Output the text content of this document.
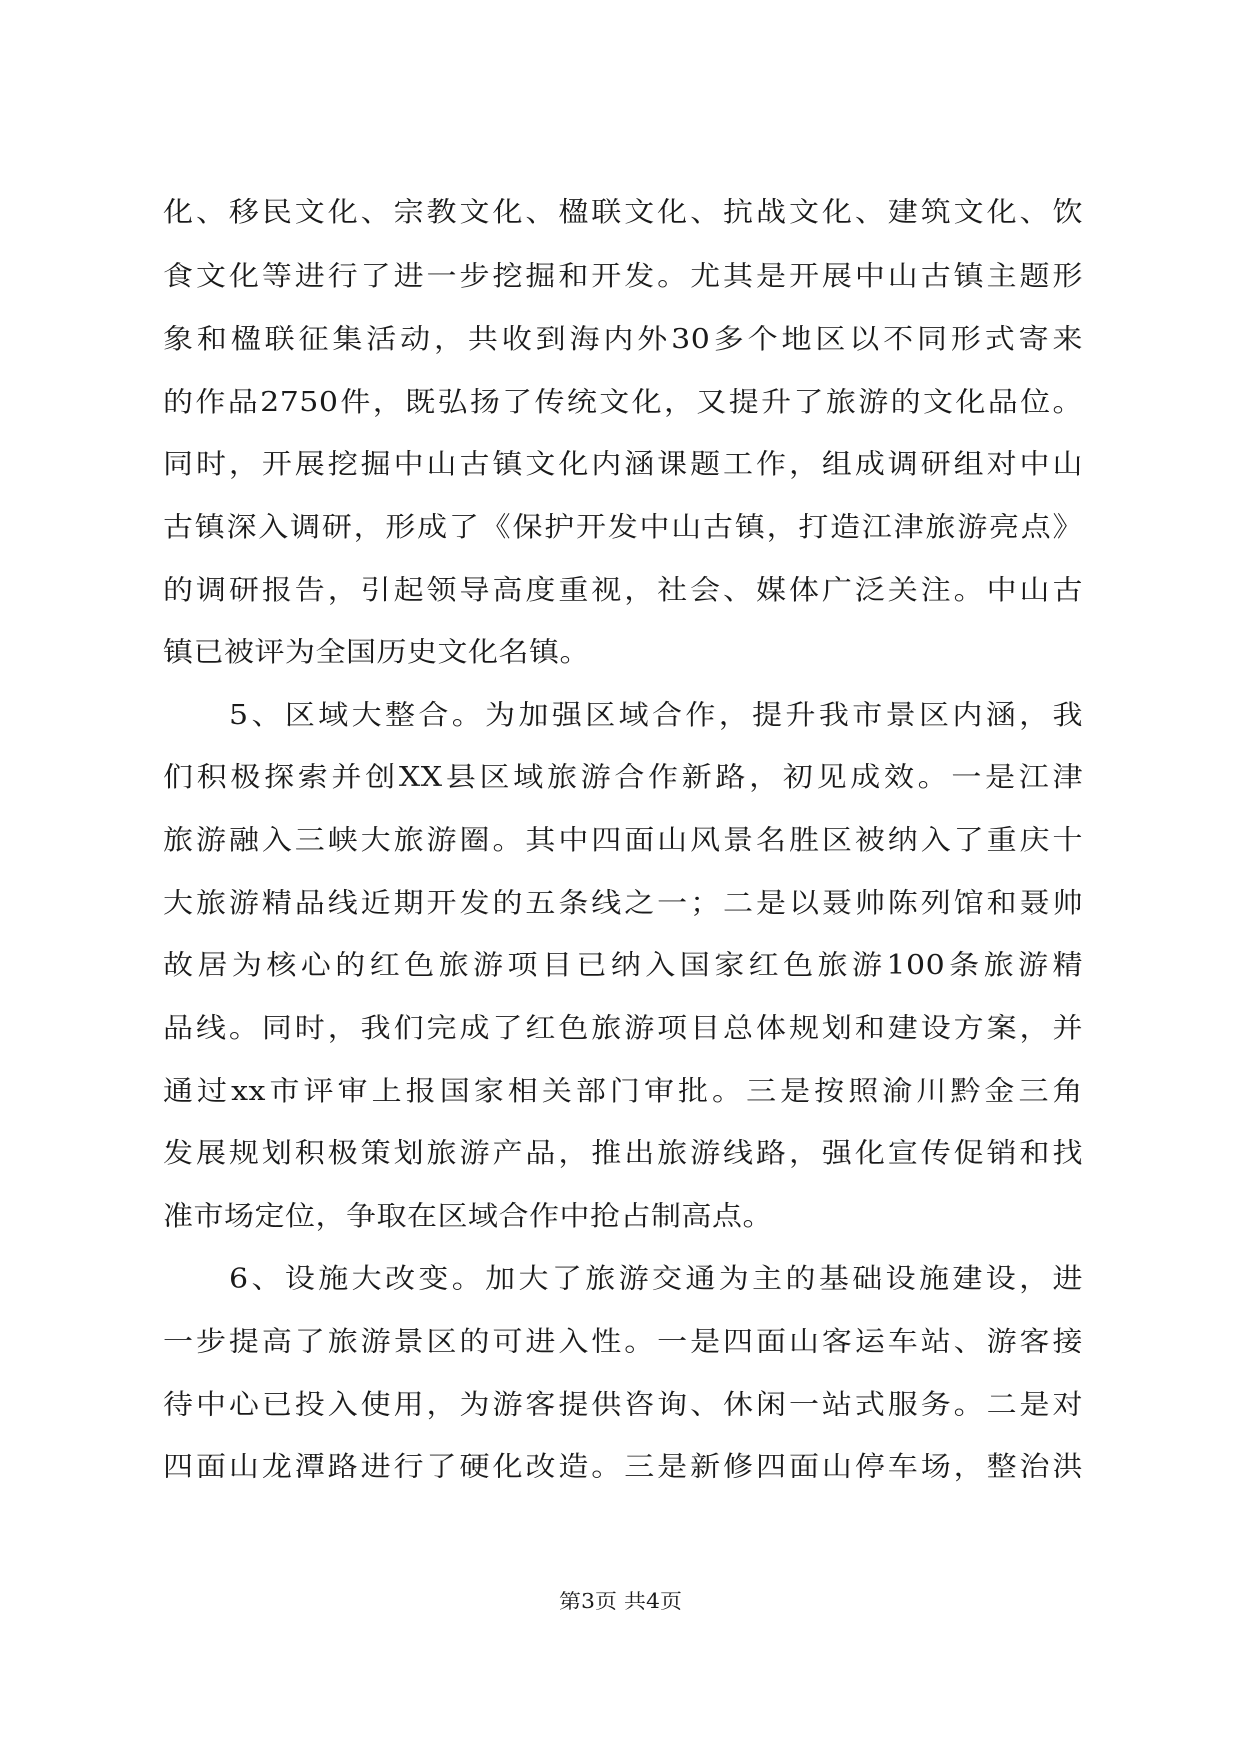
化、移民文化、宗教文化、楹联文化、抗战文化、建筑文化、饮
食文化等进行了进一步挖掘和开发。尤其是开展中山古镇主题形
象和楹联征集活动，共收到海内外30多个地区以不同形式寄来
的作品2750件，既弘扬了传统文化，又提升了旅游的文化品位。
同时，开展挖掘中山古镇文化内涵课题工作，组成调研组对中山
古镇深入调研，形成了《保护开发中山古镇，打造江津旅游亮点》
的调研报告，引起领导高度重视，社会、媒体广泛关注。中山古
镇已被评为全国历史文化名镇。
5、区域大整合。为加强区域合作，提升我市景区内涵，我
们积极探索并创XX县区域旅游合作新路，初见成效。一是江津
旅游融入三峡大旅游圈。其中四面山风景名胜区被纳入了重庆十
大旅游精品线近期开发的五条线之一；二是以聂帅陈列馆和聂帅
故居为核心的红色旅游项目已纳入国家红色旅游100条旅游精
品线。同时，我们完成了红色旅游项目总体规划和建设方案，并
通过xx市评审上报国家相关部门审批。三是按照渝川黔金三角
发展规划积极策划旅游产品，推出旅游线路，强化宣传促销和找
准市场定位，争取在区域合作中抢占制高点。
6、设施大改变。加大了旅游交通为主的基础设施建设，进
一步提高了旅游景区的可进入性。一是四面山客运车站、游客接
待中心已投入使用，为游客提供咨询、休闲一站式服务。二是对
四面山龙潭路进行了硬化改造。三是新修四面山停车场，整治洪
第3页 共4页
